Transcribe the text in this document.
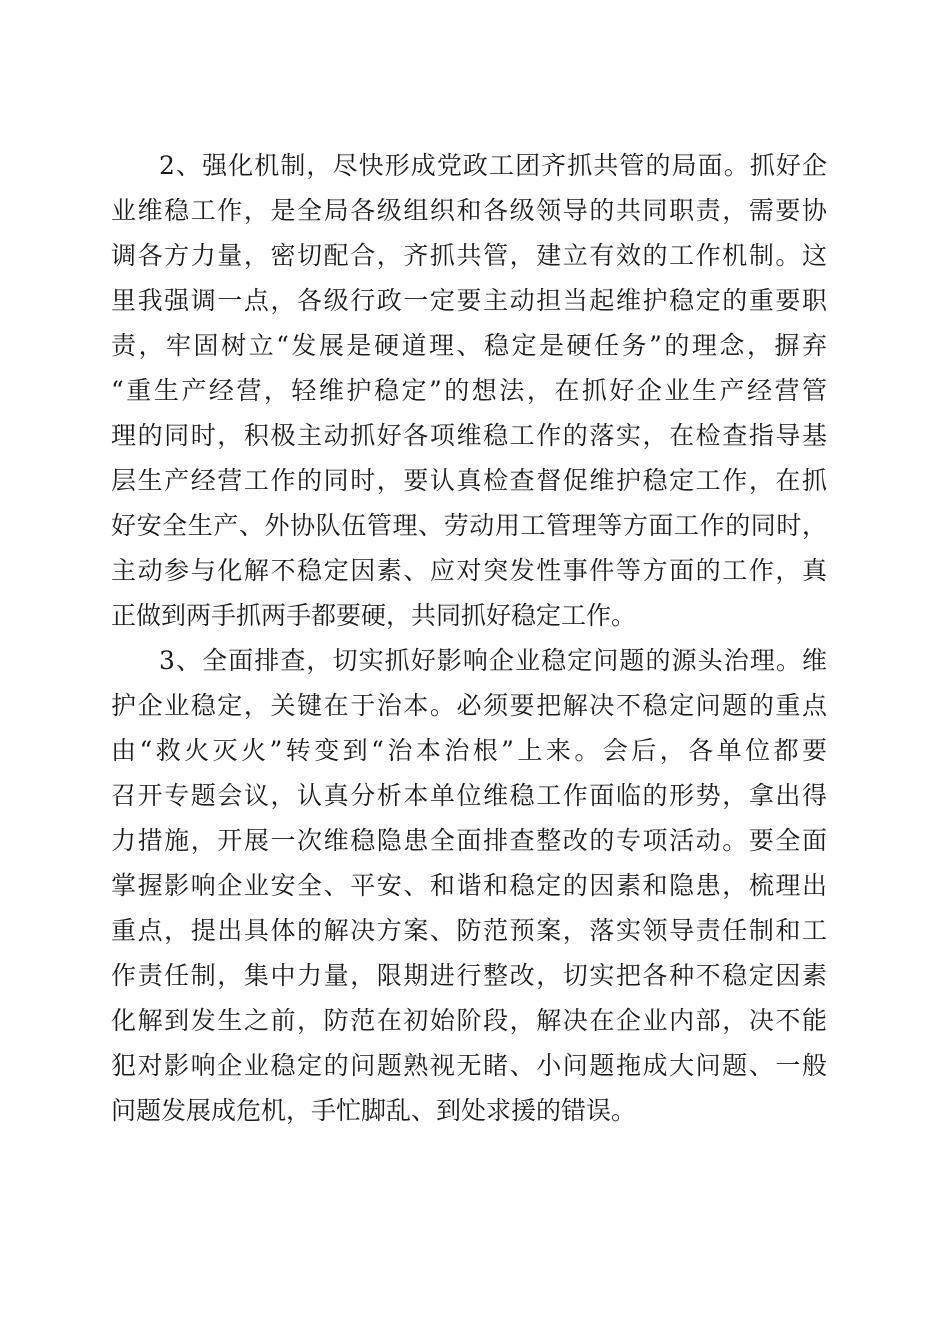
2、强化机制，尽快形成党政工团齐抓共管的局面。抓好企
业维稳工作，是全局各级组织和各级领导的共同职责，需要协
调各方力量，密切配合，齐抓共管，建立有效的工作机制。这
里我强调一点，各级行政一定要主动担当起维护稳定的重要职
责，牢固树立“发展是硬道理、稳定是硬任务”的理念，摒弃
“重生产经营，轻维护稳定”的想法，在抓好企业生产经营管
理的同时，积极主动抓好各项维稳工作的落实，在检查指导基
层生产经营工作的同时，要认真检查督促维护稳定工作，在抓
好安全生产、外协队伍管理、劳动用工管理等方面工作的同时，
主动参与化解不稳定因素、应对突发性事件等方面的工作，真
正做到两手抓两手都要硬，共同抓好稳定工作。
3、全面排查，切实抓好影响企业稳定问题的源头治理。维
护企业稳定，关键在于治本。必须要把解决不稳定问题的重点
由“救火灭火”转变到“治本治根”上来。会后，各单位都要
召开专题会议，认真分析本单位维稳工作面临的形势，拿出得
力措施，开展一次维稳隐患全面排查整改的专项活动。要全面
掌握影响企业安全、平安、和谐和稳定的因素和隐患，梳理出
重点，提出具体的解决方案、防范预案，落实领导责任制和工
作责任制，集中力量，限期进行整改，切实把各种不稳定因素
化解到发生之前，防范在初始阶段，解决在企业内部，决不能
犯对影响企业稳定的问题熟视无睹、小问题拖成大问题、一般
问题发展成危机，手忙脚乱、到处求援的错误。
